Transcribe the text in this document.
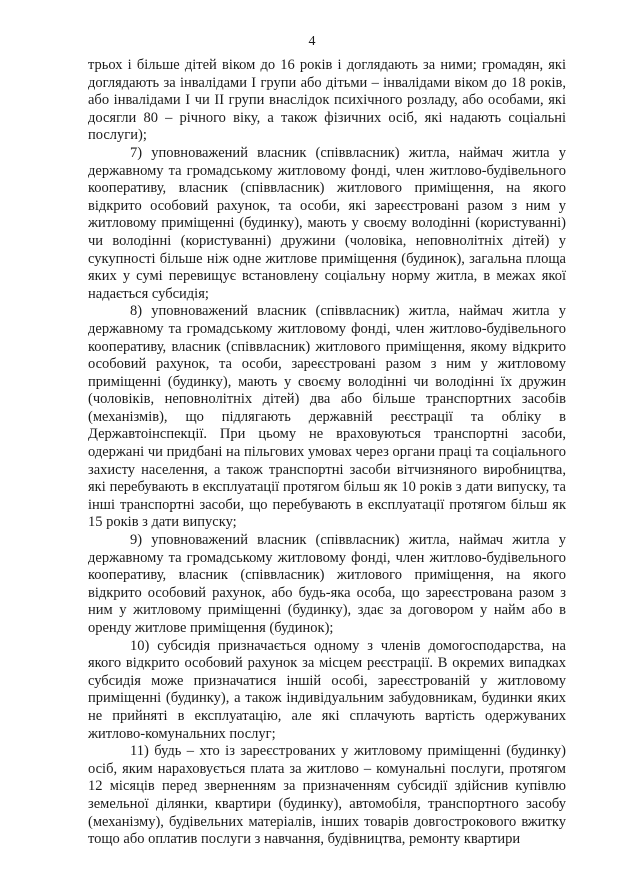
4

трьох і більше дітей віком до 16 років і доглядають за ними; громадян, які доглядають за інвалідами I групи або дітьми – інвалідами віком до 18 років, або інвалідами I чи II групи внаслідок психічного розладу, або особами, які досягли 80 – річного віку, а також фізичних осіб, які надають соціальні послуги);

7) уповноважений власник (співвласник) житла, наймач житла у державному та громадському житловому фонді, член житлово-будівельного кооперативу, власник (співвласник) житлового приміщення, на якого відкрито особовий рахунок, та особи, які зареєстровані разом з ним у житловому приміщенні (будинку), мають у своєму володінні (користуванні) чи володінні (користуванні) дружини (чоловіка, неповнолітніх дітей) у сукупності більше ніж одне житлове приміщення (будинок), загальна площа яких у сумі перевищує встановлену соціальну норму житла, в межах якої надається субсидія;

8) уповноважений власник (співвласник) житла, наймач житла у державному та громадському житловому фонді, член житлово-будівельного кооперативу, власник (співвласник) житлового приміщення, якому відкрито особовий рахунок, та особи, зареєстровані разом з ним у житловому приміщенні (будинку), мають у своєму володінні чи володінні їх дружин (чоловіків, неповнолітніх дітей) два або більше транспортних засобів (механізмів), що підлягають державній реєстрації та обліку в Державтоінспекції. При цьому не враховуються транспортні засоби, одержані чи придбані на пільгових умовах через органи праці та соціального захисту населення, а також транспортні засоби вітчизняного виробництва, які перебувають в експлуатації протягом більш як 10 років з дати випуску, та інші транспортні засоби, що перебувають в експлуатації протягом більш як 15 років з дати випуску;

9) уповноважений власник (співвласник) житла, наймач житла у державному та громадському житловому фонді, член житлово-будівельного кооперативу, власник (співвласник) житлового приміщення, на якого відкрито особовий рахунок, або будь-яка особа, що зареєстрована разом з ним у житловому приміщенні (будинку), здає за договором у найм або в оренду житлове приміщення (будинок);

10) субсидія призначається одному з членів домогосподарства, на якого відкрито особовий рахунок за місцем реєстрації. В окремих випадках субсидія може призначатися іншій особі, зареєстрованій у житловому приміщенні (будинку), а також індивідуальним забудовникам, будинки яких не прийняті в експлуатацію, але які сплачують вартість одержуваних житлово-комунальних послуг;

11) будь – хто із зареєстрованих у житловому приміщенні (будинку) осіб, яким нараховується плата за житлово – комунальні послуги, протягом 12 місяців перед зверненням за призначенням субсидії здійснив купівлю земельної ділянки, квартири (будинку), автомобіля, транспортного засобу (механізму), будівельних матеріалів, інших товарів довгострокового вжитку тощо або оплатив послуги з навчання, будівництва, ремонту квартири
